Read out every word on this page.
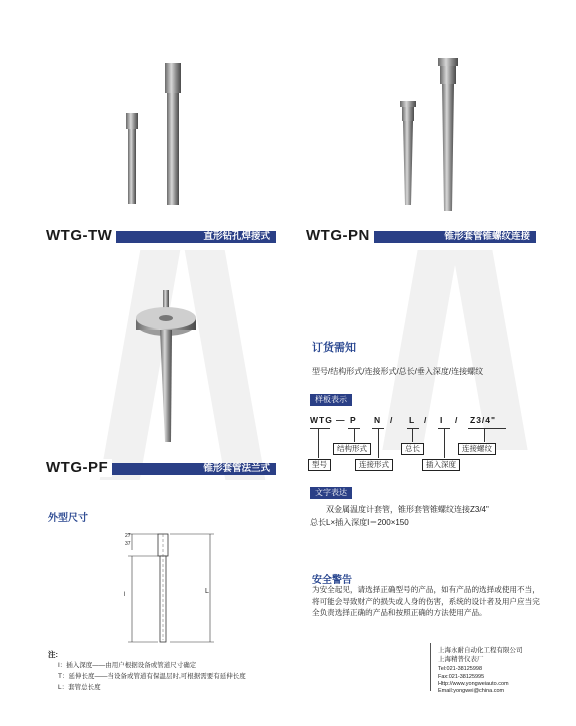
WTG-TW	直形钻孔焊接式 WTG-PN	锥形套管锥螺纹连接
WTG-PF	锥形套管法兰式
订货需知
型号/结构形式/连接形式/总长/垂入深度/连接螺纹
样板表示
WTG — P N / L / I / Z3/4"
结构形式	总长	连接螺纹
型号	连接形式	插入深度
文字表达
双金属温度计套管，锥形套管锥螺纹连接Z3/4"
总长L×插入深度I＝200×150
安全警告
为安全起见，请选择正确型号的产品，如有产品的选择或使用不当，将可能会导致财产的损失或人身的伤害，系统的设计者及用户应当完全负责选择正确的产品和按照正确的方法使用产品。
外型尺寸
27
37
l	L
注:
I：插入深度——由用户根据设备或管道尺寸确定
T：延伸长度——当设备或管道有保温层时,可根据需要有延伸长度
L：套管总长度
上海永耐自动化工程有限公司
上海精普仪表厂
Tel:021-38125998
Fax:021-38125995
Http://www.yongweiauto.com
Email:yongwei@china.com
